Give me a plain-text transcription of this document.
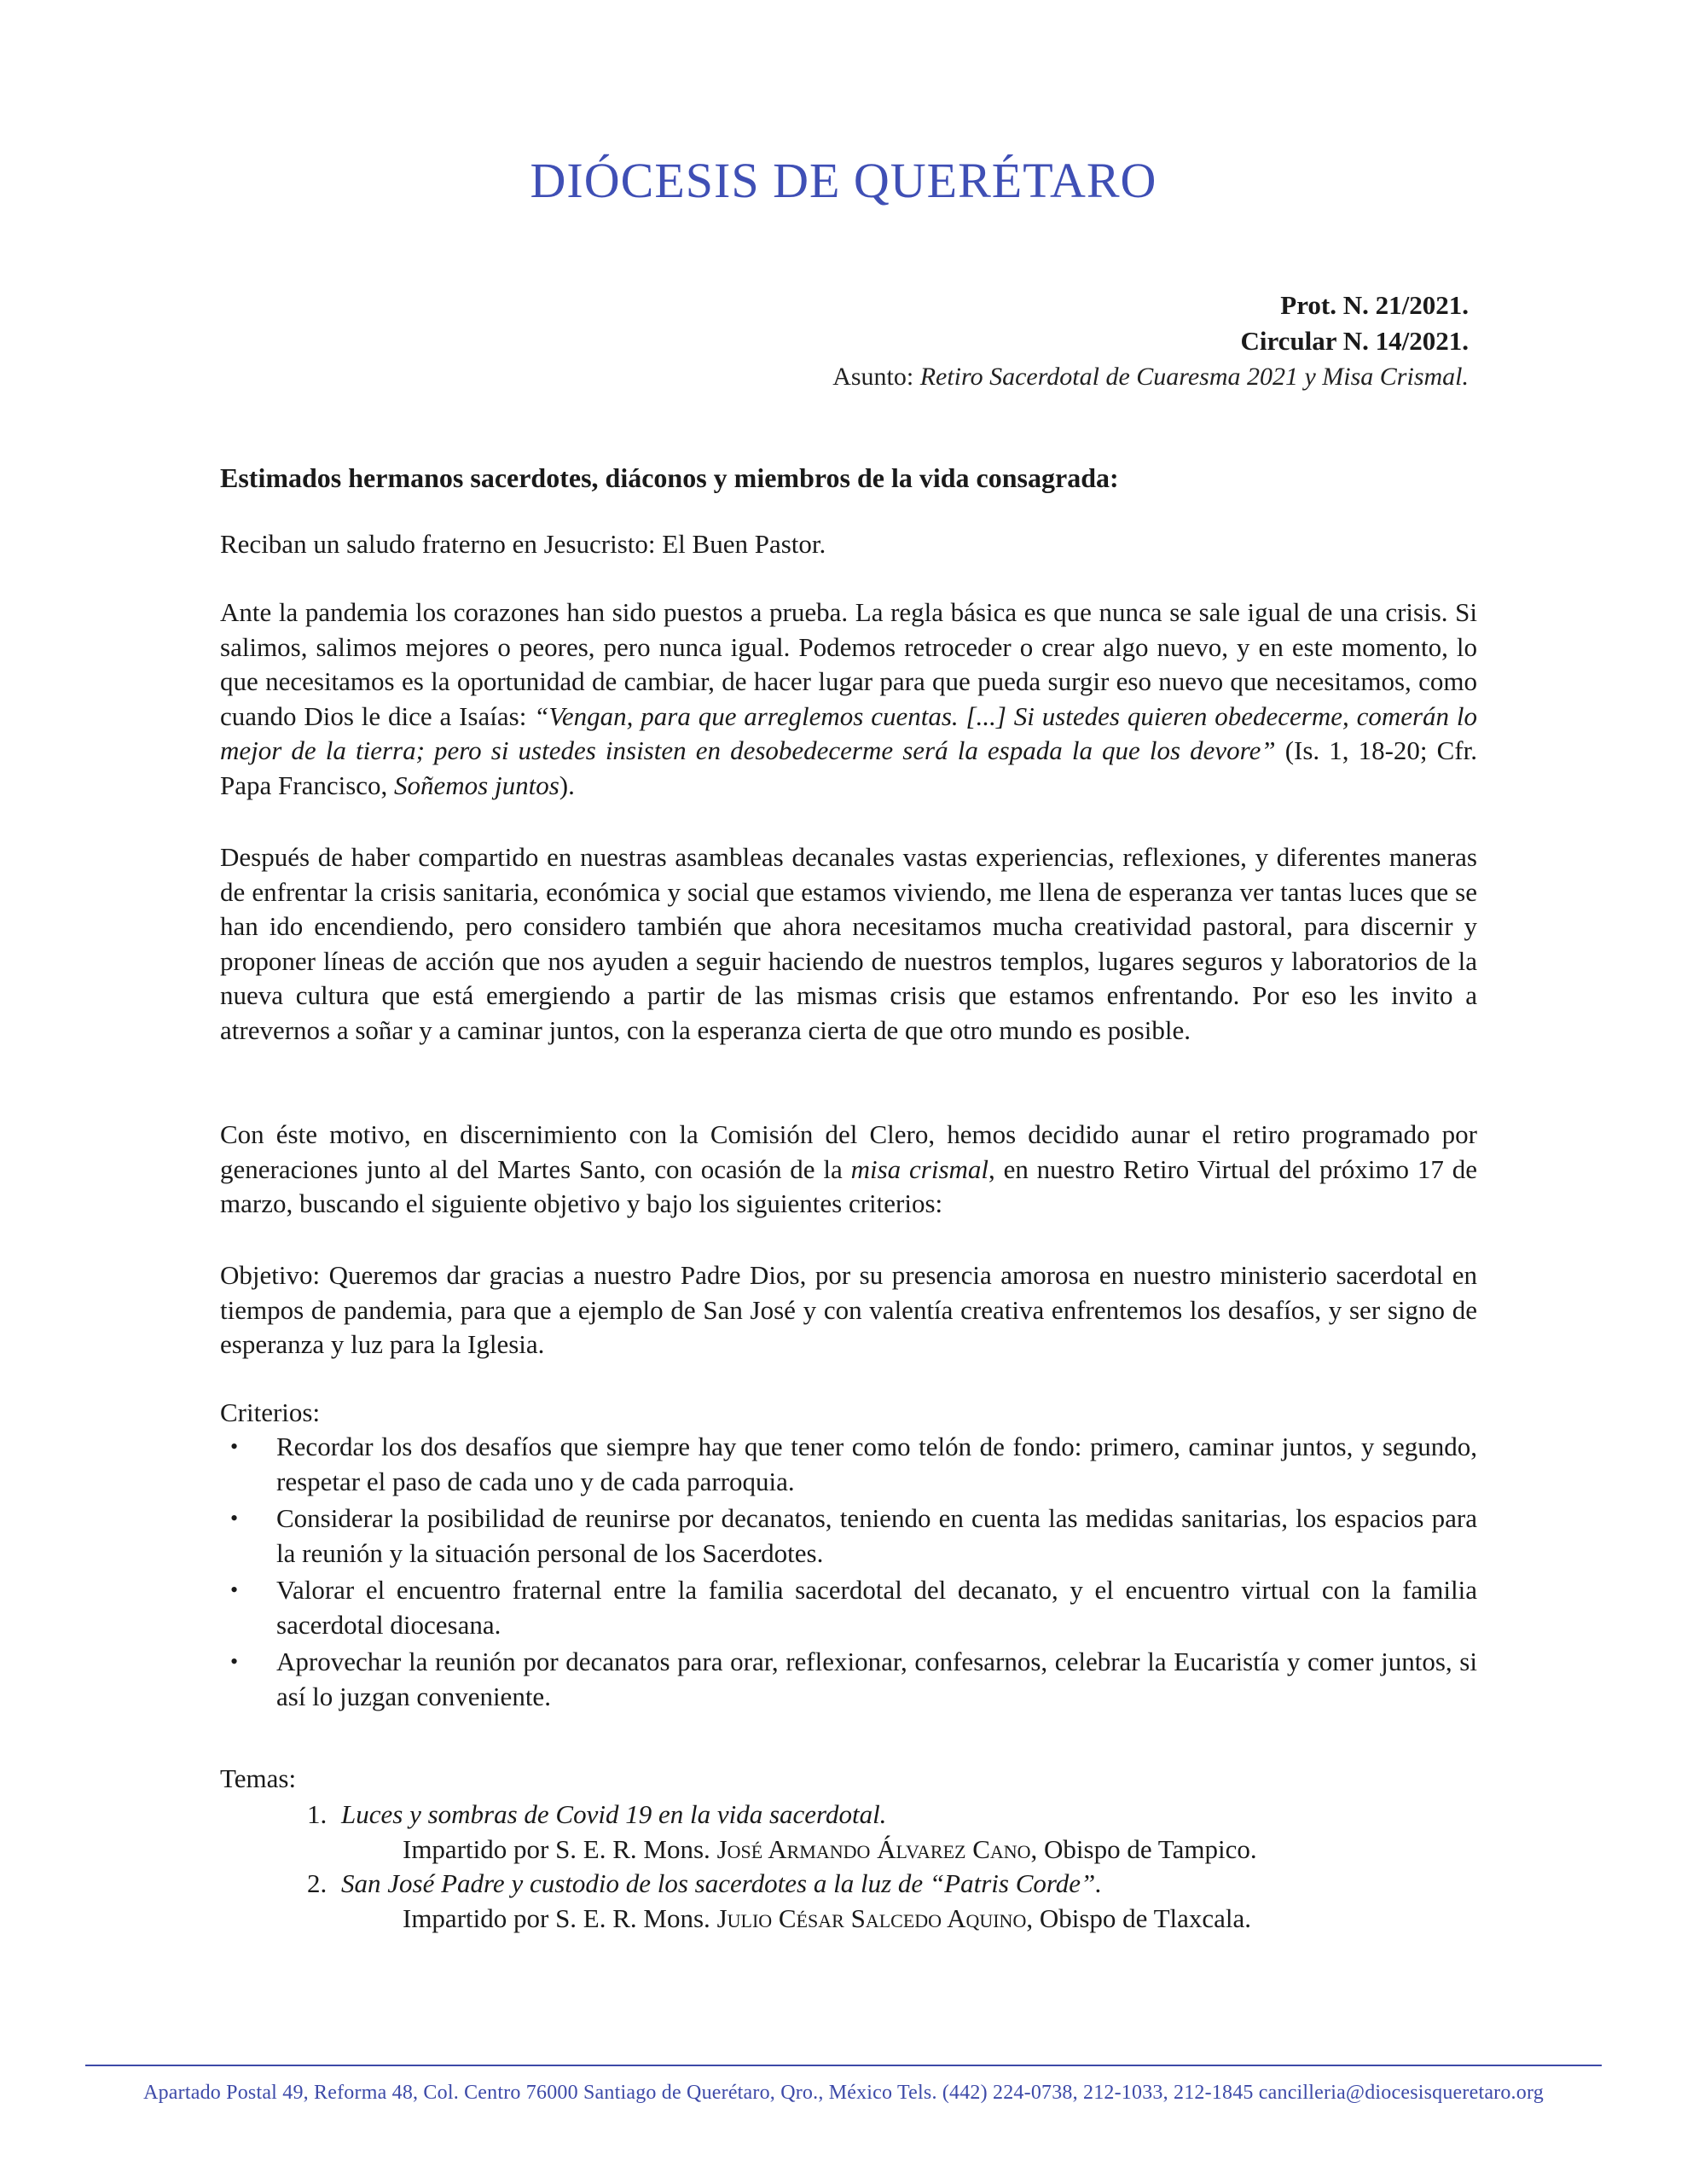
DIÓCESIS DE QUERÉTARO
Prot. N. 21/2021.
Circular N. 14/2021.
Asunto: Retiro Sacerdotal de Cuaresma 2021 y Misa Crismal.
Estimados hermanos sacerdotes, diáconos y miembros de la vida consagrada:
Reciban un saludo fraterno en Jesucristo: El Buen Pastor.
Ante la pandemia los corazones han sido puestos a prueba. La regla básica es que nunca se sale igual de una crisis. Si salimos, salimos mejores o peores, pero nunca igual. Podemos retroceder o crear algo nuevo, y en este momento, lo que necesitamos es la oportunidad de cambiar, de hacer lugar para que pueda surgir eso nuevo que necesitamos, como cuando Dios le dice a Isaías: “Vengan, para que arreglemos cuentas. [...] Si ustedes quieren obedecerme, comerán lo mejor de la tierra; pero si ustedes insisten en desobedecerme será la espada la que los devore” (Is. 1, 18-20; Cfr. Papa Francisco, Soñemos juntos).
Después de haber compartido en nuestras asambleas decanales vastas experiencias, reflexiones, y diferentes maneras de enfrentar la crisis sanitaria, económica y social que estamos viviendo, me llena de esperanza ver tantas luces que se han ido encendiendo, pero considero también que ahora necesitamos mucha creatividad pastoral, para discernir y proponer líneas de acción que nos ayuden a seguir haciendo de nuestros templos, lugares seguros y laboratorios de la nueva cultura que está emergiendo a partir de las mismas crisis que estamos enfrentando. Por eso les invito a atrevernos a soñar y a caminar juntos, con la esperanza cierta de que otro mundo es posible.
Con éste motivo, en discernimiento con la Comisión del Clero, hemos decidido aunar el retiro programado por generaciones junto al del Martes Santo, con ocasión de la misa crismal, en nuestro Retiro Virtual del próximo 17 de marzo, buscando el siguiente objetivo y bajo los siguientes criterios:
Objetivo: Queremos dar gracias a nuestro Padre Dios, por su presencia amorosa en nuestro ministerio sacerdotal en tiempos de pandemia, para que a ejemplo de San José y con valentía creativa enfrentemos los desafíos, y ser signo de esperanza y luz para la Iglesia.
Criterios:
• Recordar los dos desafíos que siempre hay que tener como telón de fondo: primero, caminar juntos, y segundo, respetar el paso de cada uno y de cada parroquia.
• Considerar la posibilidad de reunirse por decanatos, teniendo en cuenta las medidas sanitarias, los espacios para la reunión y la situación personal de los Sacerdotes.
• Valorar el encuentro fraternal entre la familia sacerdotal del decanato, y el encuentro virtual con la familia sacerdotal diocesana.
• Aprovechar la reunión por decanatos para orar, reflexionar, confesarnos, celebrar la Eucaristía y comer juntos, si así lo juzgan conveniente.
Temas:
1. Luces y sombras de Covid 19 en la vida sacerdotal.
Impartido por S. E. R. Mons. José Armando Álvarez Cano, Obispo de Tampico.
2. San José Padre y custodio de los sacerdotes a la luz de “Patris Corde”.
Impartido por S. E. R. Mons. Julio César Salcedo Aquino, Obispo de Tlaxcala.
Apartado Postal 49, Reforma 48, Col. Centro 76000 Santiago de Querétaro, Qro., México Tels. (442) 224-0738, 212-1033, 212-1845 cancilleria@diocesisqueretaro.org
